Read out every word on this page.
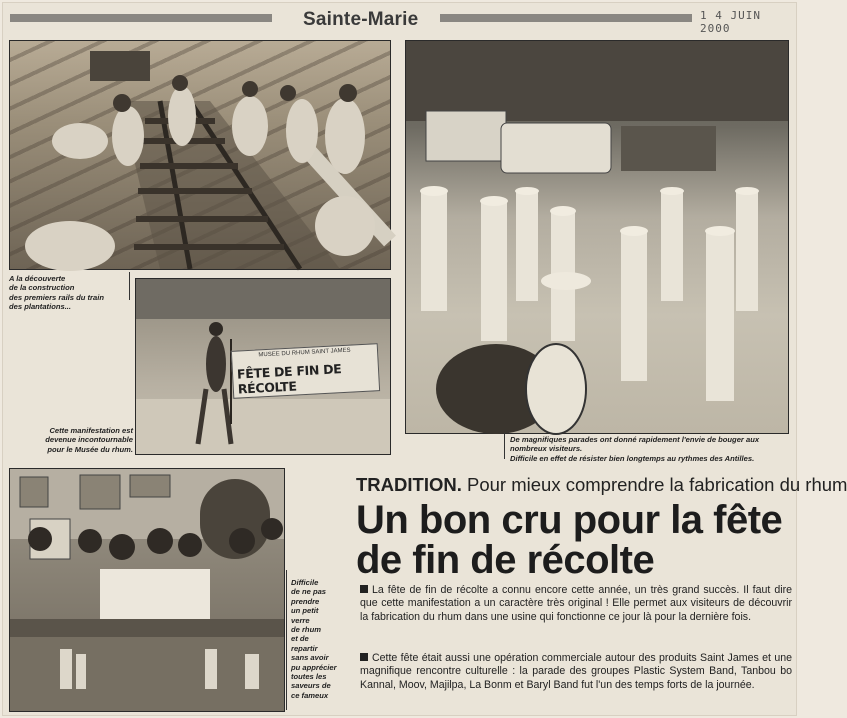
Sainte-Marie	1 4 JUIN 2000
A la découverte
de la construction
des premiers rails du train
des plantations...
MUSEE DU RHUM SAINT JAMES
FÊTE DE FIN DE RÉCOLTE
Cette manifestation est
devenue incontournable
pour le Musée du rhum.
De magnifiques parades ont donné rapidement l'envie de bouger aux
nombreux visiteurs.
Difficile en effet de résister bien longtemps au rythmes des Antilles.
Difficile
de ne pas
prendre
un petit
verre
de rhum
et de
repartir
sans avoir
pu apprécier
toutes les
saveurs de
ce fameux
TRADITION. Pour mieux comprendre la fabrication du rhum
Un bon cru pour la fête de fin de récolte
La fête de fin de récolte a connu encore cette année, un très grand succès. Il faut dire que cette manifestation a un caractère très original ! Elle permet aux visiteurs de découvrir la fabrication du rhum dans une usine qui fonctionne ce jour là pour la dernière fois.
Cette fête était aussi une opération commerciale autour des produits Saint James et une magnifique rencontre culturelle : la parade des groupes Plastic System Band, Tanbou bo Kannal, Moov, Majilpa, La Bonm et Baryl Band fut l'un des temps forts de la journée.
